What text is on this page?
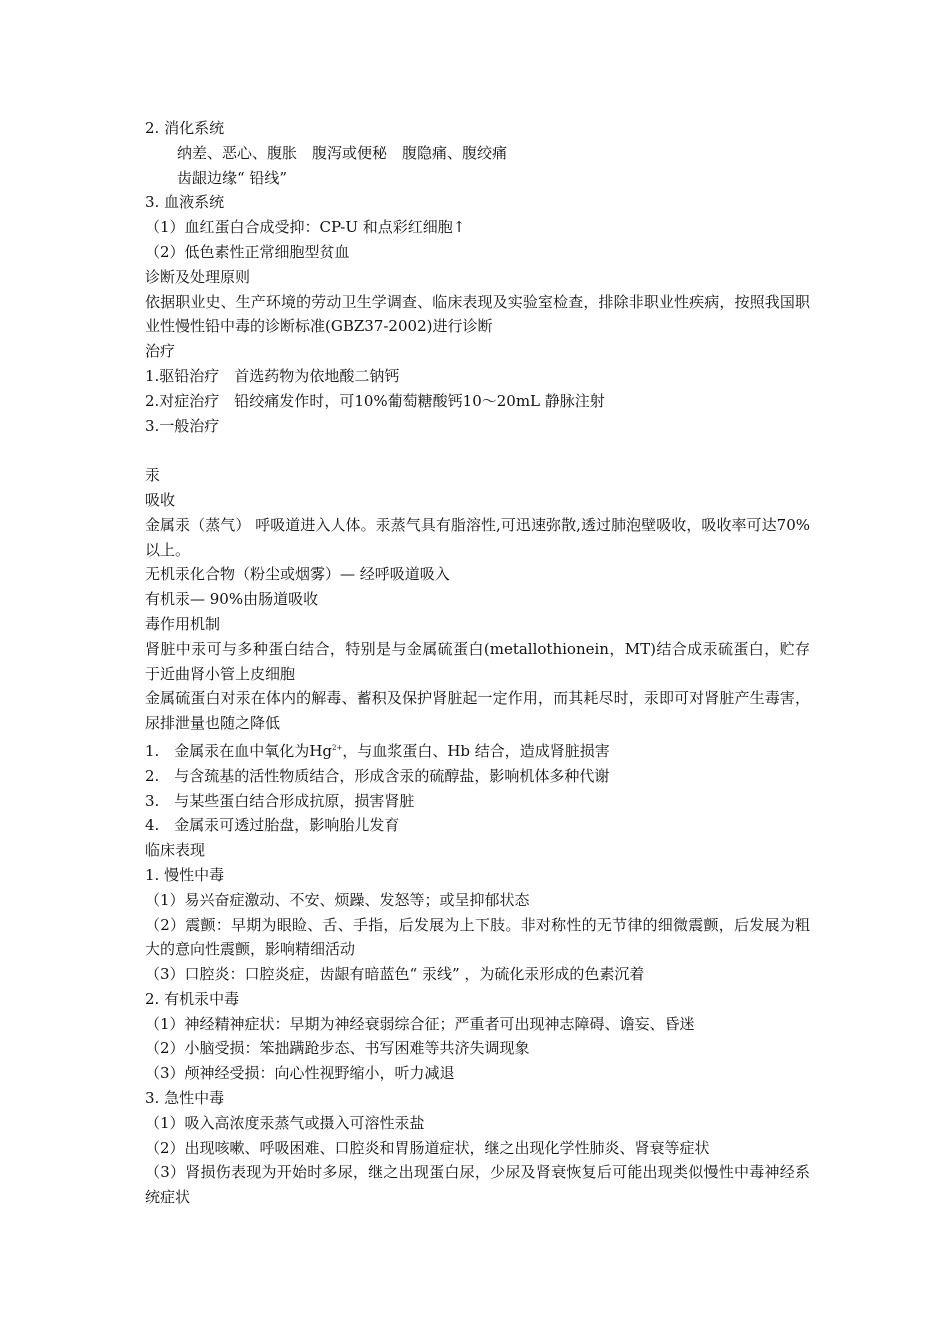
2. 消化系统
纳差、恶心、腹胀　腹泻或便秘　腹隐痛、腹绞痛
齿龈边缘“ 铅线”
3. 血液系统
（1）血红蛋白合成受抑：CP-U 和点彩红细胞↑
（2）低色素性正常细胞型贫血
诊断及处理原则
依据职业史、生产环境的劳动卫生学调查、临床表现及实验室检查，排除非职业性疾病，按照我国职业性慢性铅中毒的诊断标准(GBZ37-2002)进行诊断
治疗
1.驱铅治疗　首选药物为依地酸二钠钙
2.对症治疗　铅绞痛发作时，可10%葡萄糖酸钙10～20mL 静脉注射
3.一般治疗
汞
吸收
金属汞（蒸气） 呼吸道进入人体。汞蒸气具有脂溶性,可迅速弥散,透过肺泡壁吸收，吸收率可达70%以上。
无机汞化合物（粉尘或烟雾）— 经呼吸道吸入
有机汞— 90%由肠道吸收
毒作用机制
肾脏中汞可与多种蛋白结合，特别是与金属硫蛋白(metallothionein，MT)结合成汞硫蛋白，贮存于近曲肾小管上皮细胞
金属硫蛋白对汞在体内的解毒、蓄积及保护肾脏起一定作用，而其耗尽时，汞即可对肾脏产生毒害，尿排泄量也随之降低
1.　金属汞在血中氧化为$Hg^{2+}$，与血浆蛋白、Hb 结合，造成肾脏损害
2.　与含巯基的活性物质结合，形成含汞的硫醇盐，影响机体多种代谢
3.　与某些蛋白结合形成抗原，损害肾脏
4.　金属汞可透过胎盘，影响胎儿发育
临床表现
1. 慢性中毒
（1）易兴奋症激动、不安、烦躁、发怒等；或呈抑郁状态
（2）震颤：早期为眼睑、舌、手指，后发展为上下肢。非对称性的无节律的细微震颤，后发展为粗大的意向性震颤，影响精细活动
（3）口腔炎：口腔炎症，齿龈有暗蓝色“ 汞线” ，为硫化汞形成的色素沉着
2. 有机汞中毒
（1）神经精神症状：早期为神经衰弱综合征；严重者可出现神志障碍、谵妄、昏迷
（2）小脑受损：笨拙蹒跄步态、书写困难等共济失调现象
（3）颅神经受损：向心性视野缩小，听力减退
3. 急性中毒
（1）吸入高浓度汞蒸气或摄入可溶性汞盐
（2）出现咳嗽、呼吸困难、口腔炎和胃肠道症状，继之出现化学性肺炎、肾衰等症状
（3）肾损伤表现为开始时多尿，继之出现蛋白尿，少尿及肾衰恢复后可能出现类似慢性中毒神经系统症状
